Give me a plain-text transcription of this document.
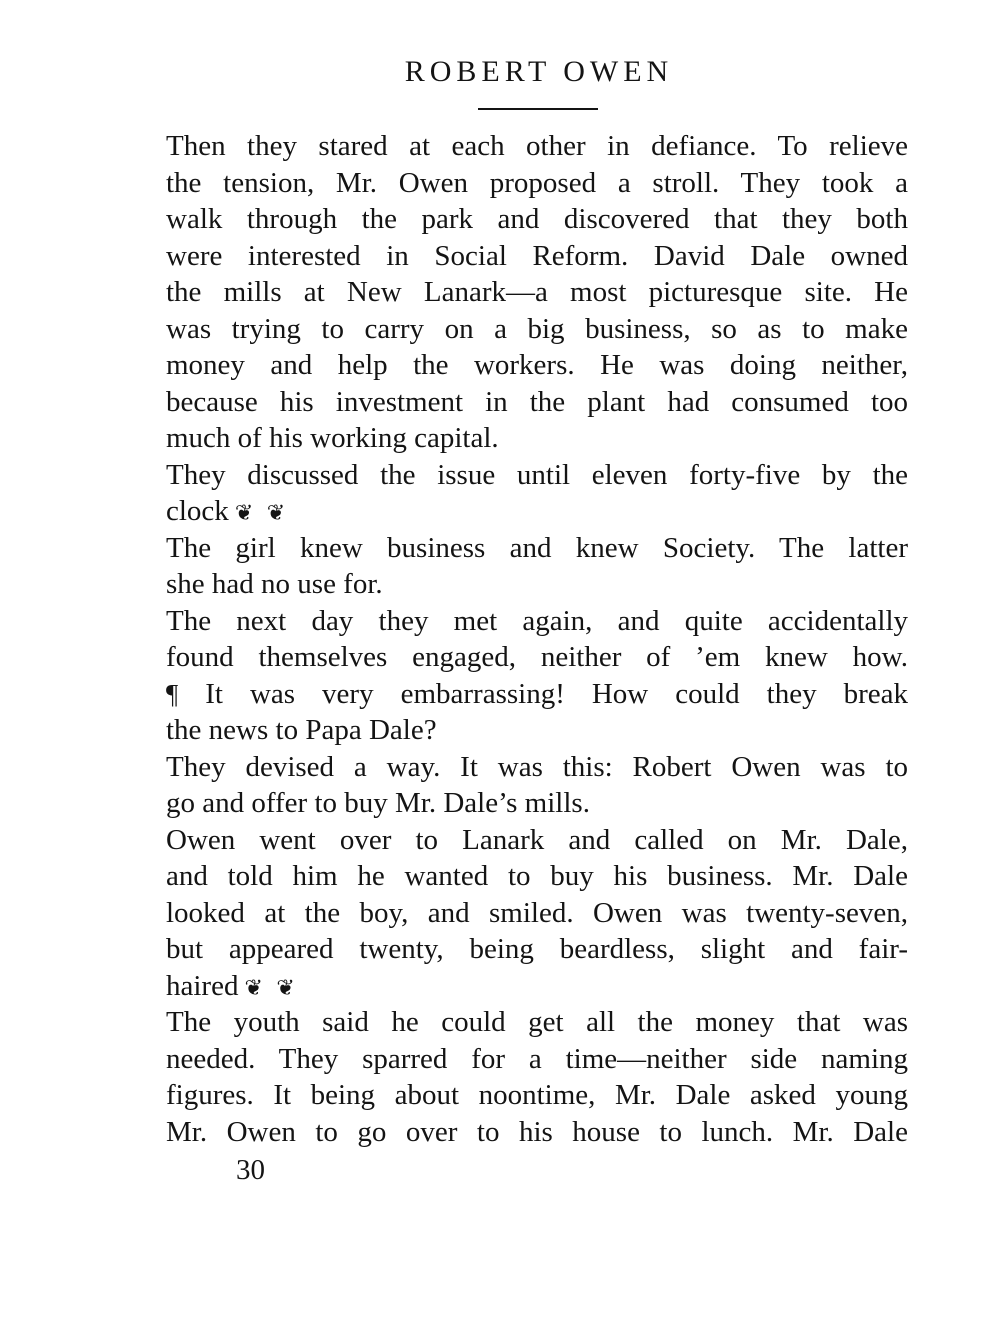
ROBERT OWEN
Then they stared at each other in defiance. To relieve
the tension, Mr. Owen proposed a stroll. They took a
walk through the park and discovered that they both
were interested in Social Reform. David Dale owned
the mills at New Lanark—a most picturesque site. He
was trying to carry on a big business, so as to make
money and help the workers. He was doing neither,
because his investment in the plant had consumed too
much of his working capital.
They discussed the issue until eleven forty-five by the
clock ❦ ❦
The girl knew business and knew Society. The latter
she had no use for.
The next day they met again, and quite accidentally
found themselves engaged, neither of ’em knew how.
¶ It was very embarrassing! How could they break
the news to Papa Dale?
They devised a way. It was this: Robert Owen was to
go and offer to buy Mr. Dale’s mills.
Owen went over to Lanark and called on Mr. Dale,
and told him he wanted to buy his business. Mr. Dale
looked at the boy, and smiled. Owen was twenty-seven,
but appeared twenty, being beardless, slight and fair-
haired ❦ ❦
The youth said he could get all the money that was
needed. They sparred for a time—neither side naming
figures. It being about noontime, Mr. Dale asked young
Mr. Owen to go over to his house to lunch. Mr. Dale
30
